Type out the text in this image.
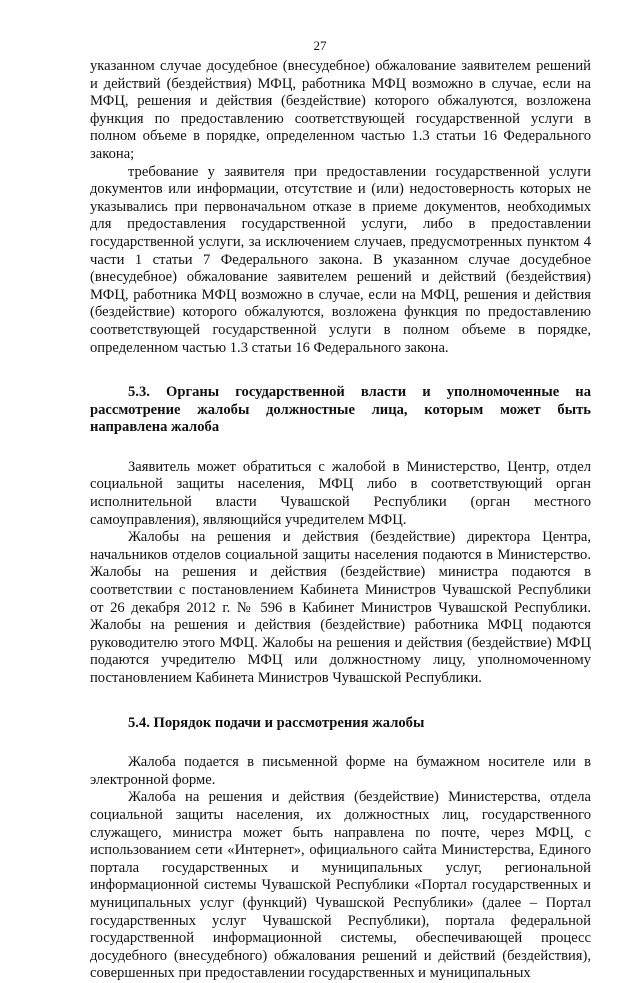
27

указанном случае досудебное (внесудебное) обжалование заявителем решений и действий (бездействия) МФЦ, работника МФЦ возможно в случае, если на МФЦ, решения и действия (бездействие) которого обжалуются, возложена функция по предоставлению соответствующей государственной услуги в полном объеме в порядке, определенном частью 1.3 статьи 16 Федерального закона;

требование у заявителя при предоставлении государственной услуги документов или информации, отсутствие и (или) недостоверность которых не указывались при первоначальном отказе в приеме документов, необходимых для предоставления государственной услуги, либо в предоставлении государственной услуги, за исключением случаев, предусмотренных пунктом 4 части 1 статьи 7 Федерального закона. В указанном случае досудебное (внесудебное) обжалование заявителем решений и действий (бездействия) МФЦ, работника МФЦ возможно в случае, если на МФЦ, решения и действия (бездействие) которого обжалуются, возложена функция по предоставлению соответствующей государственной услуги в полном объеме в порядке, определенном частью 1.3 статьи 16 Федерального закона.

5.3. Органы государственной власти и уполномоченные на рассмотрение жалобы должностные лица, которым может быть направлена жалоба

Заявитель может обратиться с жалобой в Министерство, Центр, отдел социальной защиты населения, МФЦ либо в соответствующий орган исполнительной власти Чувашской Республики (орган местного самоуправления), являющийся учредителем МФЦ.

Жалобы на решения и действия (бездействие) директора Центра, начальников отделов социальной защиты населения подаются в Министерство. Жалобы на решения и действия (бездействие) министра подаются в соответствии с постановлением Кабинета Министров Чувашской Республики от 26 декабря 2012 г. № 596 в Кабинет Министров Чувашской Республики. Жалобы на решения и действия (бездействие) работника МФЦ подаются руководителю этого МФЦ. Жалобы на решения и действия (бездействие) МФЦ подаются учредителю МФЦ или должностному лицу, уполномоченному постановлением Кабинета Министров Чувашской Республики.

5.4. Порядок подачи и рассмотрения жалобы

Жалоба подается в письменной форме на бумажном носителе или в электронной форме.

Жалоба на решения и действия (бездействие) Министерства, отдела социальной защиты населения, их должностных лиц, государственного служащего, министра может быть направлена по почте, через МФЦ, с использованием сети «Интернет», официального сайта Министерства, Единого портала государственных и муниципальных услуг, региональной информационной системы Чувашской Республики «Портал государственных и муниципальных услуг (функций) Чувашской Республики» (далее – Портал государственных услуг Чувашской Республики), портала федеральной государственной информационной системы, обеспечивающей процесс досудебного (внесудебного) обжалования решений и действий (бездействия), совершенных при предоставлении государственных и муниципальных
